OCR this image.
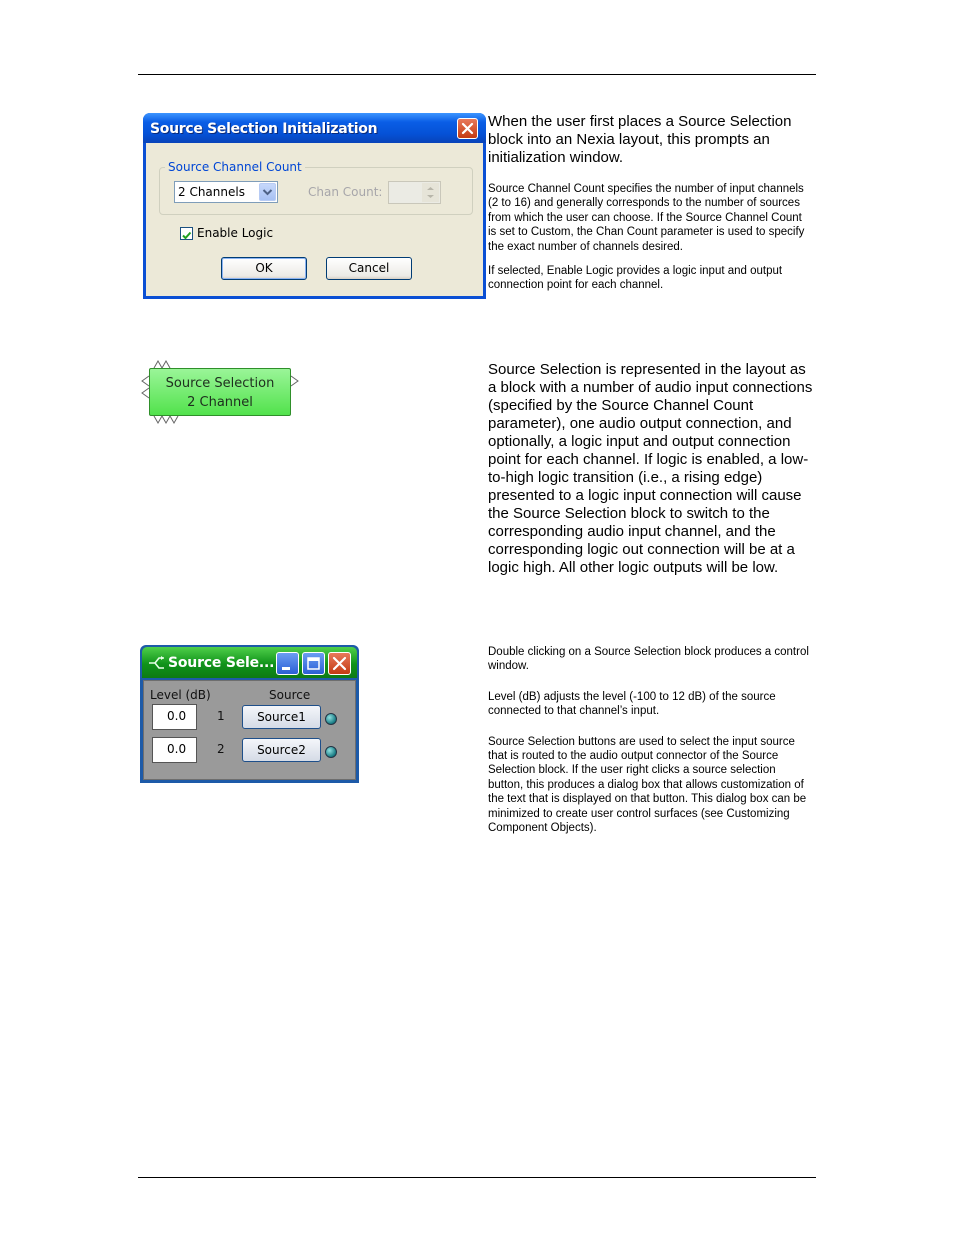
Source Selection Initialization
Source Channel Count
2 Channels	Chan Count:
Enable Logic
OK	Cancel

When the user first places a Source Selection block into an Nexia layout, this prompts an initialization window.

Source Channel Count specifies the number of input channels (2 to 16) and generally corresponds to the number of sources from which the user can choose. If the Source Channel Count is set to Custom, the Chan Count parameter is used to specify the exact number of channels desired.

If selected, Enable Logic provides a logic input and output connection point for each channel.

Source Selection
2 Channel

Source Selection is represented in the layout as a block with a number of audio input connections (specified by the Source Channel Count parameter), one audio output connection, and optionally, a logic input and output connection point for each channel. If logic is enabled, a low-to-high logic transition (i.e., a rising edge) presented to a logic input connection will cause the Source Selection block to switch to the corresponding audio input channel, and the corresponding logic out connection will be at a logic high. All other logic outputs will be low.

Source Sele...
Level (dB)	Source
0.0	1	Source1
0.0	2	Source2

Double clicking on a Source Selection block produces a control window.

Level (dB) adjusts the level (-100 to 12 dB) of the source connected to that channel’s input.

Source Selection buttons are used to select the input source that is routed to the audio output connector of the Source Selection block. If the user right clicks a source selection button, this produces a dialog box that allows customization of the text that is displayed on that button. This dialog box can be minimized to create user control surfaces (see Customizing Component Objects).
